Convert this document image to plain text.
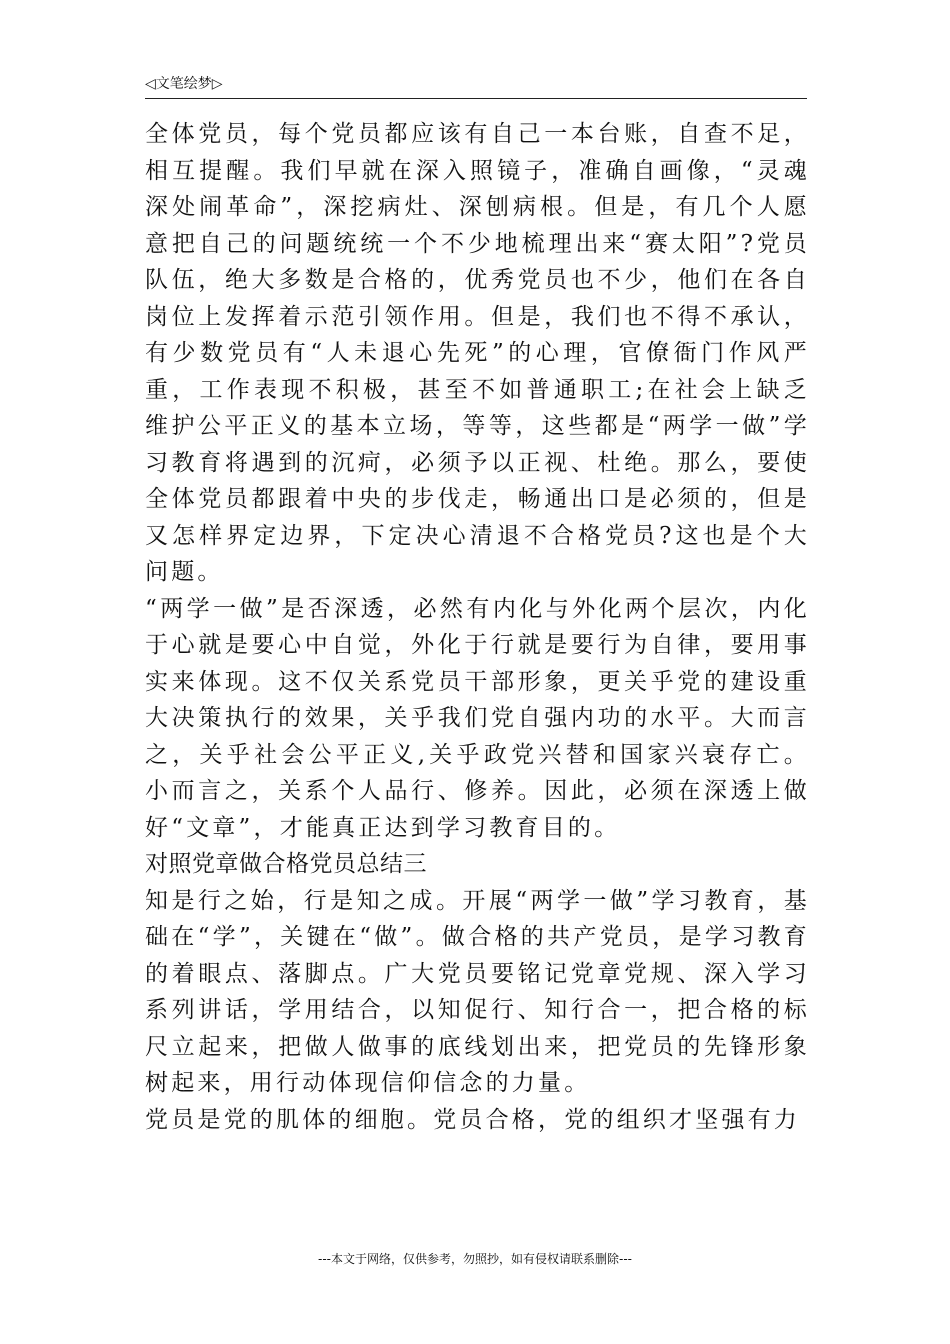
◁文笔绘梦▷

全体党员，每个党员都应该有自己一本台账，自查不足，相互提醒。我们早就在深入照镜子，准确自画像，“灵魂深处闹革命”，深挖病灶、深刨病根。但是，有几个人愿意把自己的问题统统一个不少地梳理出来“赛太阳”?党员队伍，绝大多数是合格的，优秀党员也不少，他们在各自岗位上发挥着示范引领作用。但是，我们也不得不承认，有少数党员有“人未退心先死”的心理，官僚衙门作风严重，工作表现不积极，甚至不如普通职工;在社会上缺乏维护公平正义的基本立场，等等，这些都是“两学一做”学习教育将遇到的沉疴，必须予以正视、杜绝。那么，要使全体党员都跟着中央的步伐走，畅通出口是必须的，但是又怎样界定边界，下定决心清退不合格党员?这也是个大问题。

“两学一做”是否深透，必然有内化与外化两个层次，内化于心就是要心中自觉，外化于行就是要行为自律，要用事实来体现。这不仅关系党员干部形象，更关乎党的建设重大决策执行的效果，关乎我们党自强内功的水平。大而言之，关乎社会公平正义,关乎政党兴替和国家兴衰存亡。小而言之，关系个人品行、修养。因此，必须在深透上做好“文章”，才能真正达到学习教育目的。

对照党章做合格党员总结三

知是行之始，行是知之成。开展“两学一做”学习教育，基础在“学”，关键在“做”。做合格的共产党员，是学习教育的着眼点、落脚点。广大党员要铭记党章党规、深入学习系列讲话，学用结合，以知促行、知行合一，把合格的标尺立起来，把做人做事的底线划出来，把党员的先锋形象树起来，用行动体现信仰信念的力量。

党员是党的肌体的细胞。党员合格，党的组织才坚强有力

---本文于网络，仅供参考，勿照抄，如有侵权请联系删除---
